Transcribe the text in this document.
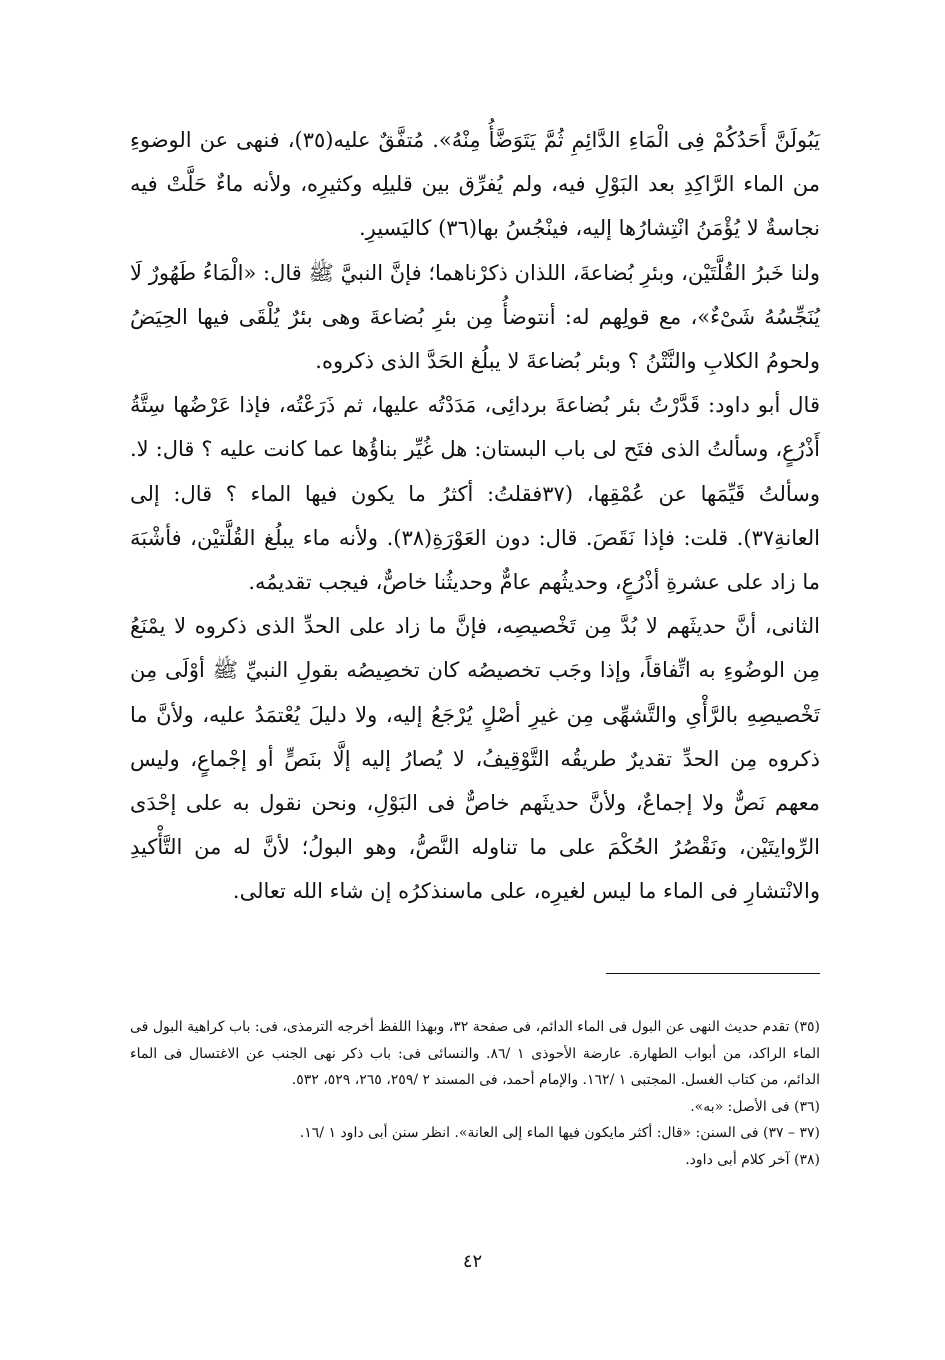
يَبُولَنَّ أَحَدُكُمْ فِى الْمَاءِ الدَّائِمِ ثُمَّ يَتَوَضَّأُ مِنْهُ». مُتفَّقٌ عليه(٣٥)، فنهى عن الوضوءِ من الماء الرَّاكِدِ بعد البَوْلِ فيه، ولم يُفرِّق بين قليلِه وكثيرِه، ولأنه ماءٌ حَلَّتْ فيه نجاسةٌ لا يُؤْمَنُ انْتِشارُها إليه، فينْجُسُ بها(٣٦) كاليَسيرِ.

ولنا خَبرُ القُلَّتَيْن، وبئرِ بُضاعةَ، اللذان ذكرْناهما؛ فإنَّ النبيَّ ﷺ قال: «الْمَاءُ طَهُورٌ لَا يُنَجِّسُهُ شَىْءٌ»، مع قولِهم له: أنتوضأُ مِن بئرِ بُضاعةَ وهى بئرٌ يُلْقَى فيها الحِيَضُ ولحومُ الكلابِ والنَّتْنُ ؟ وبئر بُضاعةَ لا يبلُغ الحَدَّ الذى ذكروه.

قال أبو داود: قَدَّرْتُ بئر بُضاعةَ بردائِى، مَدَدْتُه عليها، ثم ذَرَعْتُه، فإذا عَرْضُها سِتَّةُ أَذْرُعٍ، وسألتُ الذى فتَح لى باب البستان: هل غُيِّر بناؤُها عما كانت عليه ؟ قال: لا. وسألتُ قَيِّمَها عن عُمْقِها، (٣٧فقلتُ: أكثرُ ما يكون فيها الماء ؟ قال: إلى العانةِ٣٧). قلت: فإذا نَقَصَ. قال: دون العَوْرَةِ(٣٨). ولأنه ماء يبلُغ القُلَّتيْن، فأشْبَهَ ما زاد على عشرةِ أذْرُعٍ، وحديثُهم عامٌّ وحديثُنا خاصٌّ، فيجب تقديمُه.

الثانى، أنَّ حديثَهم لا بُدَّ مِن تَخْصيصِه، فإنَّ ما زاد على الحدِّ الذى ذكروه لا يمْنَعُ مِن الوضُوءِ به اتِّفاقاً، وإذا وجَب تخصيصُه كان تخصِيصُه بقولِ النبيِّ ﷺ أوْلَى مِن تَخْصيصِهِ بالرَّأْىِ والتَّشهِّى مِن غيرِ أصْلٍ يُرْجَعُ إليه، ولا دليلَ يُعْتمَدُ عليه، ولأنَّ ما ذكروه مِن الحدِّ تقديرٌ طريقُه التَّوْقِيفُ، لا يُصارُ إليه إلَّا بنَصٍّ أو إجْماعٍ، وليس معهم نَصٌّ ولا إجماعٌ، ولأنَّ حديثَهم خاصٌّ فى البَوْلِ، ونحن نقول به على إحْدَى الرِّوايتَيْن، ونَقْصُرُ الحُكْمَ على ما تناوله النَّصُّ، وهو البولُ؛ لأنَّ له من التَّأْكيدِ والانْتشارِ فى الماء ما ليس لغيرِه، على ماسنذكرُه إن شاء الله تعالى.

(٣٥) تقدم حديث النهى عن البول فى الماء الدائم، فى صفحة ٣٢، وبهذا اللفظ أخرجه الترمذى، فى: باب كراهية البول فى الماء الراكد، من أبواب الطهارة. عارضة الأحوذى ١ /٨٦. والنسائى فى: باب ذكر نهى الجنب عن الاغتسال فى الماء الدائم، من كتاب الغسل. المجتبى ١ /١٦٢. والإمام أحمد، فى المسند ٢ /٢٥٩، ٢٦٥، ٥٢٩، ٥٣٢.

(٣٦) فى الأصل: «به».

(٣٧ – ٣٧) فى السنن: «قال: أكثر مايكون فيها الماء إلى العانة». انظر سنن أبى داود ١ /١٦.

(٣٨) آخر كلام أبى داود.

٤٢
